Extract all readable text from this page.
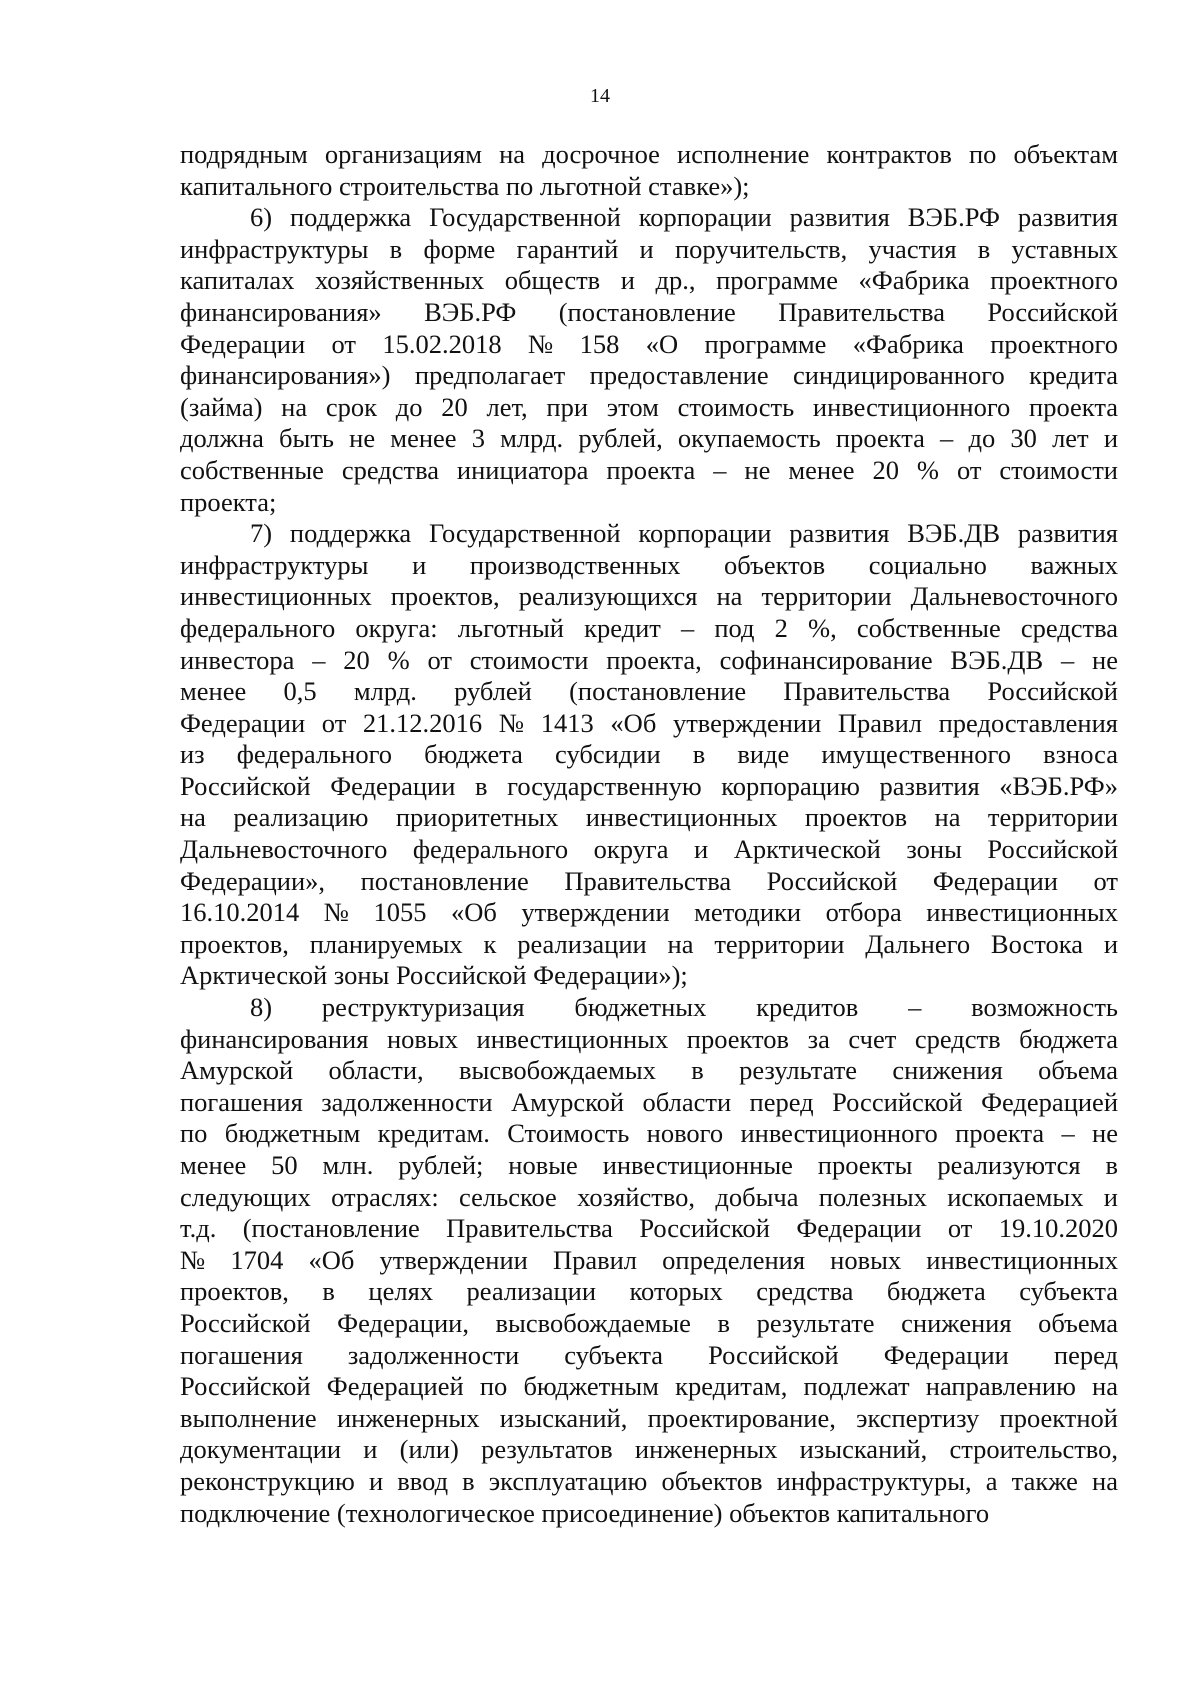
14
подрядным организациям на досрочное исполнение контрактов по объектам
капитального строительства по льготной ставке»);
6) поддержка Государственной корпорации развития ВЭБ.РФ развития
инфраструктуры в форме гарантий и поручительств, участия в уставных
капиталах хозяйственных обществ и др., программе «Фабрика проектного
финансирования» ВЭБ.РФ (постановление Правительства Российской
Федерации от 15.02.2018 № 158 «О программе «Фабрика проектного
финансирования») предполагает предоставление синдицированного кредита
(займа) на срок до 20 лет, при этом стоимость инвестиционного проекта
должна быть не менее 3 млрд. рублей, окупаемость проекта – до 30 лет и
собственные средства инициатора проекта – не менее 20 % от стоимости
проекта;
7) поддержка Государственной корпорации развития ВЭБ.ДВ развития
инфраструктуры и производственных объектов социально важных
инвестиционных проектов, реализующихся на территории Дальневосточного
федерального округа: льготный кредит – под 2 %, собственные средства
инвестора – 20 % от стоимости проекта, софинансирование ВЭБ.ДВ – не
менее 0,5 млрд. рублей (постановление Правительства Российской
Федерации от 21.12.2016 № 1413 «Об утверждении Правил предоставления
из федерального бюджета субсидии в виде имущественного взноса
Российской Федерации в государственную корпорацию развития «ВЭБ.РФ»
на реализацию приоритетных инвестиционных проектов на территории
Дальневосточного федерального округа и Арктической зоны Российской
Федерации», постановление Правительства Российской Федерации от
16.10.2014 № 1055 «Об утверждении методики отбора инвестиционных
проектов, планируемых к реализации на территории Дальнего Востока и
Арктической зоны Российской Федерации»);
8) реструктуризация бюджетных кредитов – возможность
финансирования новых инвестиционных проектов за счет средств бюджета
Амурской области, высвобождаемых в результате снижения объема
погашения задолженности Амурской области перед Российской Федерацией
по бюджетным кредитам. Стоимость нового инвестиционного проекта – не
менее 50 млн. рублей; новые инвестиционные проекты реализуются в
следующих отраслях: сельское хозяйство, добыча полезных ископаемых и
т.д. (постановление Правительства Российской Федерации от 19.10.2020
№ 1704 «Об утверждении Правил определения новых инвестиционных
проектов, в целях реализации которых средства бюджета субъекта
Российской Федерации, высвобождаемые в результате снижения объема
погашения задолженности субъекта Российской Федерации перед
Российской Федерацией по бюджетным кредитам, подлежат направлению на
выполнение инженерных изысканий, проектирование, экспертизу проектной
документации и (или) результатов инженерных изысканий, строительство,
реконструкцию и ввод в эксплуатацию объектов инфраструктуры, а также на
подключение (технологическое присоединение) объектов капитального
